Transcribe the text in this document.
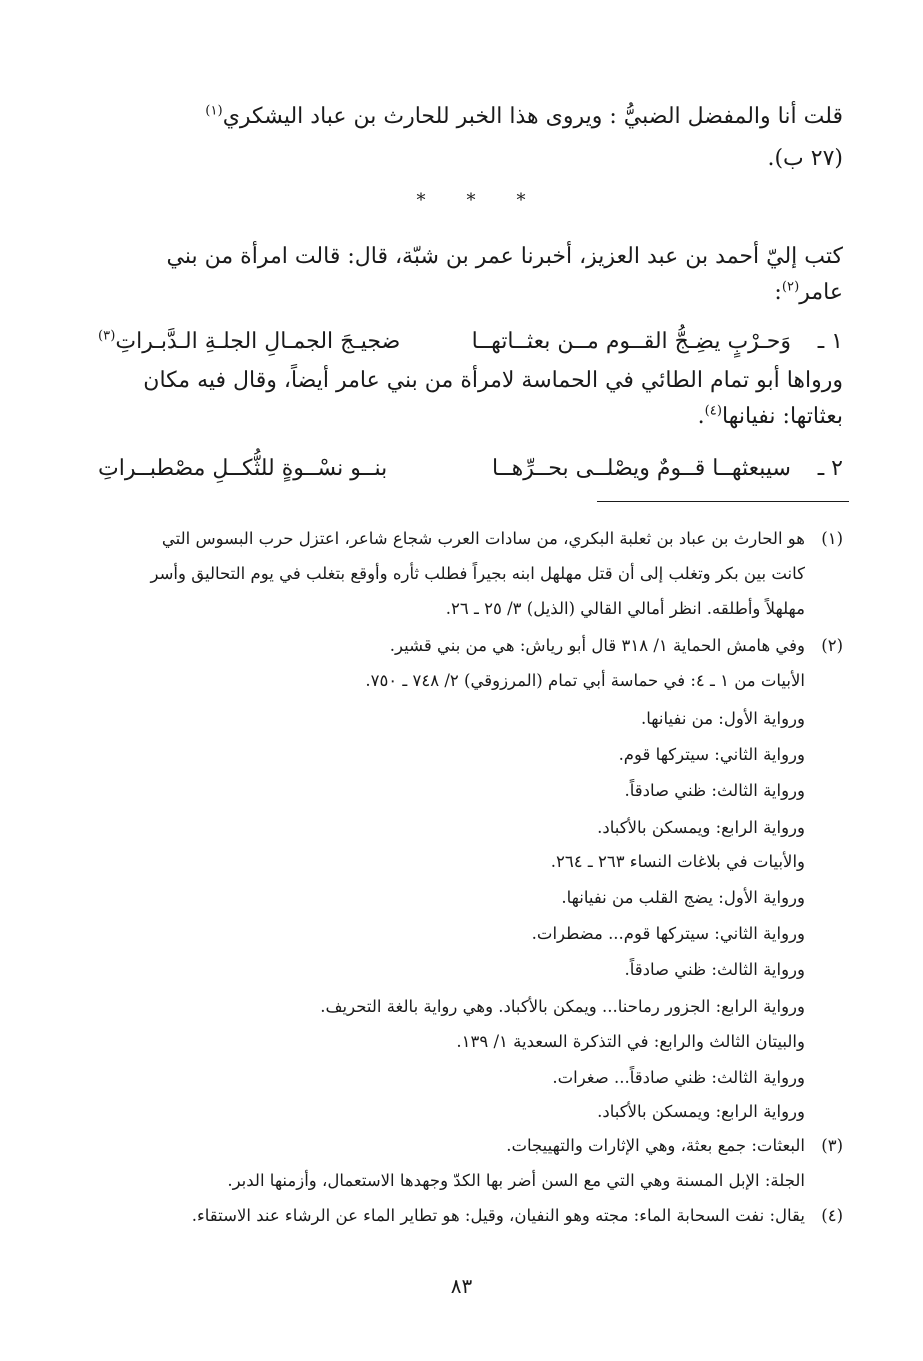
قلت أنا والمفضل الضبيُّ : ويروى هذا الخبر للحارث بن عباد اليشكري$^{(١)}$
(٢٧ ب).
***
كتب إليّ أحمد بن عبد العزيز، أخبرنا عمر بن شبّة، قال: قالت امرأة من بني
عامر$^{(٢)}$:
١ ـ
وَحـرْبٍ يضِـجُّ القــوم مــن بعثــاتهــا
ضجيـجَ الجمـالِ الجلـةِ الـدَّبـراتِ$^{(٣)}$
ورواها أبو تمام الطائي في الحماسة لامرأة من بني عامر أيضاً، وقال فيه مكان
بعثاتها: نفيانها$^{(٤)}$.
٢ ـ
سيبعثهــا قــومٌ ويصْلــى بحــرِّهــا
بنــو نسْــوةٍ للثُّكــلِ مصْطبــراتِ
(١)
هو الحارث بن عباد بن ثعلبة البكري، من سادات العرب شجاع شاعر، اعتزل حرب البسوس التي
كانت بين بكر وتغلب إلى أن قتل مهلهل ابنه بجيراً فطلب ثأره وأوقع بتغلب في يوم التحاليق وأسر
مهلهلاً وأطلقه. انظر أمالي القالي (الذيل) ٣/ ٢٥ ـ ٢٦.
(٢)
وفي هامش الحماية ١/ ٣١٨ قال أبو رياش: هي من بني قشير.
الأبيات من ١ ـ ٤: في حماسة أبي تمام (المرزوقي) ٢/ ٧٤٨ ـ ٧٥٠.
ورواية الأول: من نفيانها.
ورواية الثاني: سيتركها قوم.
ورواية الثالث: ظني صادقاً.
ورواية الرابع: ويمسكن بالأكباد.
والأبيات في بلاغات النساء ٢٦٣ ـ ٢٦٤.
ورواية الأول: يضج القلب من نفيانها.
ورواية الثاني: سيتركها قوم... مضطرات.
ورواية الثالث: ظني صادقاً.
ورواية الرابع: الجزور رماحنا... ويمكن بالأكباد. وهي رواية بالغة التحريف.
والبيتان الثالث والرابع: في التذكرة السعدية ١/ ١٣٩.
ورواية الثالث: ظني صادقاً... صغرات.
ورواية الرابع: ويمسكن بالأكباد.
(٣)
البعثات: جمع بعثة، وهي الإثارات والتهييجات.
الجلة: الإبل المسنة وهي التي مع السن أضر بها الكدّ وجهدها الاستعمال، وأزمنها الدبر.
(٤)
يقال: نفت السحابة الماء: مجته وهو النفيان، وقيل: هو تطاير الماء عن الرشاء عند الاستقاء.
٨٣
